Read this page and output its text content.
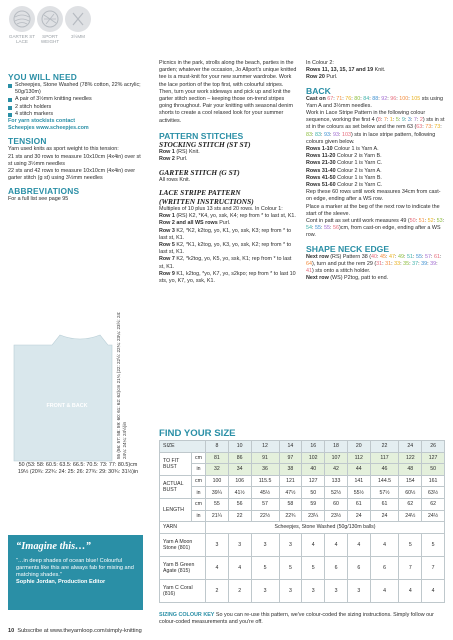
GARTER ST LACE
SPORT WEIGHT
3½MM
YOU WILL NEED
Scheepjes, Stone Washed (78% cotton, 22% acrylic; 50g/130m)
A pair of 3½mm knitting needles
2 stitch holders
4 stitch markers
For yarn stockists contact
Scheepjes www.scheepjes.com
TENSION
Yarn used knits as sport weight to this tension:
21 sts and 30 rows to measure 10x10cm (4x4in) over st st using 3½mm needles
22 sts and 42 rows to measure 10x10cm (4x4in) over garter stitch (g st) using 3½mm needles
ABBREVIATIONS
For a full list see page 95
FRONT & BACK	55 (56: 57: 58: 59: 60: 61: 62: 62)cm 21¾ (22: 22½: 22¾: 23¼: 23½: 24: 24¼: 24¼: 24½)in
50 (53: 58: 60.5: 63.5: 66.5: 70.5: 73: 77: 80.5)cm
19½ (20¾: 22¾: 24: 25: 26: 27¾: 29: 30¾: 31½)in
“Imagine this…”
“…in deep shades of ocean blue! Colourful garments like this are always fab for mixing and matching shades.”
Sophie Jordan, Production Editor
Picnics in the park, strolls along the beach, parties in the garden; whatever the occasion, Jo Allport's unique knitted tee is a must-knit for your new summer wardrobe. Work the lace portion of the top first, with colourful stripes. Then, turn your work sideways and pick up and knit the garter stitch section – keeping those on-trend stripes going throughout. Pair your knitting with seasonal denim shorts to create a cool relaxed look for your summer activities.
PATTERN STITCHES
STOCKING STITCH (ST ST)
Row 1 (RS) Knit.
Row 2 Purl.
GARTER STITCH (G ST)
All rows Knit.
LACE STRIPE PATTERN
(WRITTEN INSTRUCTIONS)
Multiples of 10 plus 13 sts and 20 rows. In Colour 1:
Row 1 (RS) K2, *K4, yo, ssk, K4; rep from * to last st, K1.
Row 2 and all WS rows Purl.
Row 3 K2, *K2, k2tog, yo, K1, yo, ssk, K3; rep from * to last st, K1.
Row 5 K2, *K1, k2tog, yo, K3, yo, ssk, K2; rep from * to last st, K1.
Row 7 K2, *k2tog, yo, K5, yo, ssk, K1; rep from * to last st, K1.
Row 9 K1, k2tog, *yo, K7, yo, s2kpo; rep from * to last 10 sts, yo, K7, yo, ssk, K1.
In Colour 2:
Rows 11, 13, 15, 17 and 19 Knit.
Row 20 Purl.
BACK
Cast on 67: 71: 76: 80: 84: 88: 92: 96: 100: 105 sts using Yarn A and 3½mm needles.
Work in Lace Stripe Pattern in the following colour sequence, working the first 4 (8: 7: 1: 5: 9: 3: 7: 2) sts in st st in the colours as set below and the rem 63 (63: 73: 73: 83: 83: 93: 93: 103) sts in lace stripe pattern, following colours given below.
Rows 1-10 Colour 1 is Yarn A.
Rows 11-20 Colour 2 is Yarn B.
Rows 21-30 Colour 1 is Yarn C.
Rows 31-40 Colour 2 is Yarn A.
Rows 41-50 Colour 1 is Yarn B.
Rows 51-60 Colour 2 is Yarn C.
Rep these 60 rows until work measures 34cm from cast-on edge, ending after a WS row.
Place a marker at the beg of the next row to indicate the start of the sleeve.
Cont in patt as set until work measures 49 (50: 51: 52: 53: 54: 55: 55: 56)cm, from cast-on edge, ending after a WS row.
SHAPE NECK EDGE
Next row (RS) Pattern 38 (40: 45: 47: 49: 51: 55: 57: 61: 64), turn and put the rem 29 (31: 31: 33: 35: 37: 39: 39: 41) sts onto a stitch holder.
Next row (WS) P2tog, patt to end.
FIND YOUR SIZE
SIZE		8	10	12	14	16	18	20	22	24	26
TO FIT BUST	cm	81	86	91	97	102	107	112	117	122	127
	in	32	34	36	38	40	42	44	46	48	50
ACTUAL BUST	cm	100	106	115.5	121	127	133	141	144.5	154	161
	in	39¼	41½	45½	47½	50	52½	55½	57½	60½	63½
LENGTH	cm	55	56	57	58	59	60	61	61	62	62
	in	21¼	22	22½	22¾	23¼	23½	24	24	24½	24½
YARN		Scheepjes, Stone Washed (50g/130m balls)									
Yarn A Moon Stone (801)		3	3	3	3	4	4	4	4	5	5
Yarn B Green Agate (815)		4	4	5	5	5	6	6	6	7	7
Yarn C Coral (816)		2	2	3	3	3	3	3	4	4	4
SIZING COLOUR KEY So you can re-use this pattern, we've colour-coded the sizing instructions. Simply follow our colour-coded measurements and you're off.
10 Subscribe at www.theyarnloop.com/simply-knitting
